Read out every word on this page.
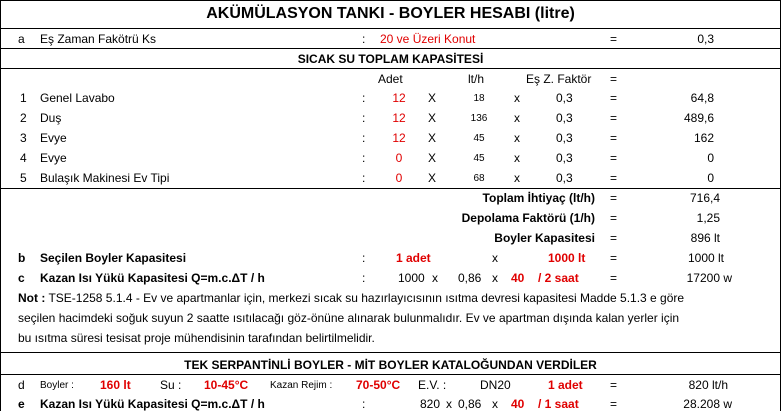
AKÜMÜLASYON TANKI - BOYLER HESABI (litre)
a Eş Zaman Fakötrü Ks	: 20 ve Üzeri Konut	=	0,3
SICAK SU TOPLAM KAPASİTESİ
Adet	lt/h	Eş Z. Faktör =
1 Genel Lavabo	:	12	X	18	x	0,3	=	64,8
2 Duş	:	12	X	136	x	0,3	=	489,6
3 Evye	:	12	X	45	x	0,3	=	162
4 Evye	:	0	X	45	x	0,3	=	0
5 Bulaşık Makinesi Ev Tipi	:	0	X	68	x	0,3	=	0
Toplam İhtiyaç (lt/h) =	716,4
Depolama Faktörü (1/h) =	1,25
Boyler Kapasitesi =	896 lt
b Seçilen Boyler Kapasitesi	:	1 adet	x	1000 lt =	1000 lt
c Kazan Isı Yükü Kapasitesi Q=m.c.ΔT / h	:	1000 x 0,86 x 40 / 2 saat	=	17200 w
Not : TSE-1258 5.1.4 - Ev ve apartmanlar için, merkezi sıcak su hazırlayıcısının ısıtma devresi kapasitesi Madde 5.1.3 e göre
seçilen hacimdeki soğuk suyun 2 saatte ısıtılacağı göz-önüne alınarak bulunmalıdır. Ev ve apartman dışında kalan yerler için
bu ısıtma süresi tesisat proje mühendisinin tarafından belirtilmelidir.
TEK SERPANTİNLİ BOYLER - MİT BOYLER KATALOĞUNDAN VERDİLER
d Boyler : 160 lt Su : 10-45°C Kazan Rejim : 70-50°C E.V. :	DN20	1 adet =	820 lt/h
e Kazan Isı Yükü Kapasitesi Q=m.c.ΔT / h	:	820 x 0,86 x 40 / 1 saat	=	28.208 w
